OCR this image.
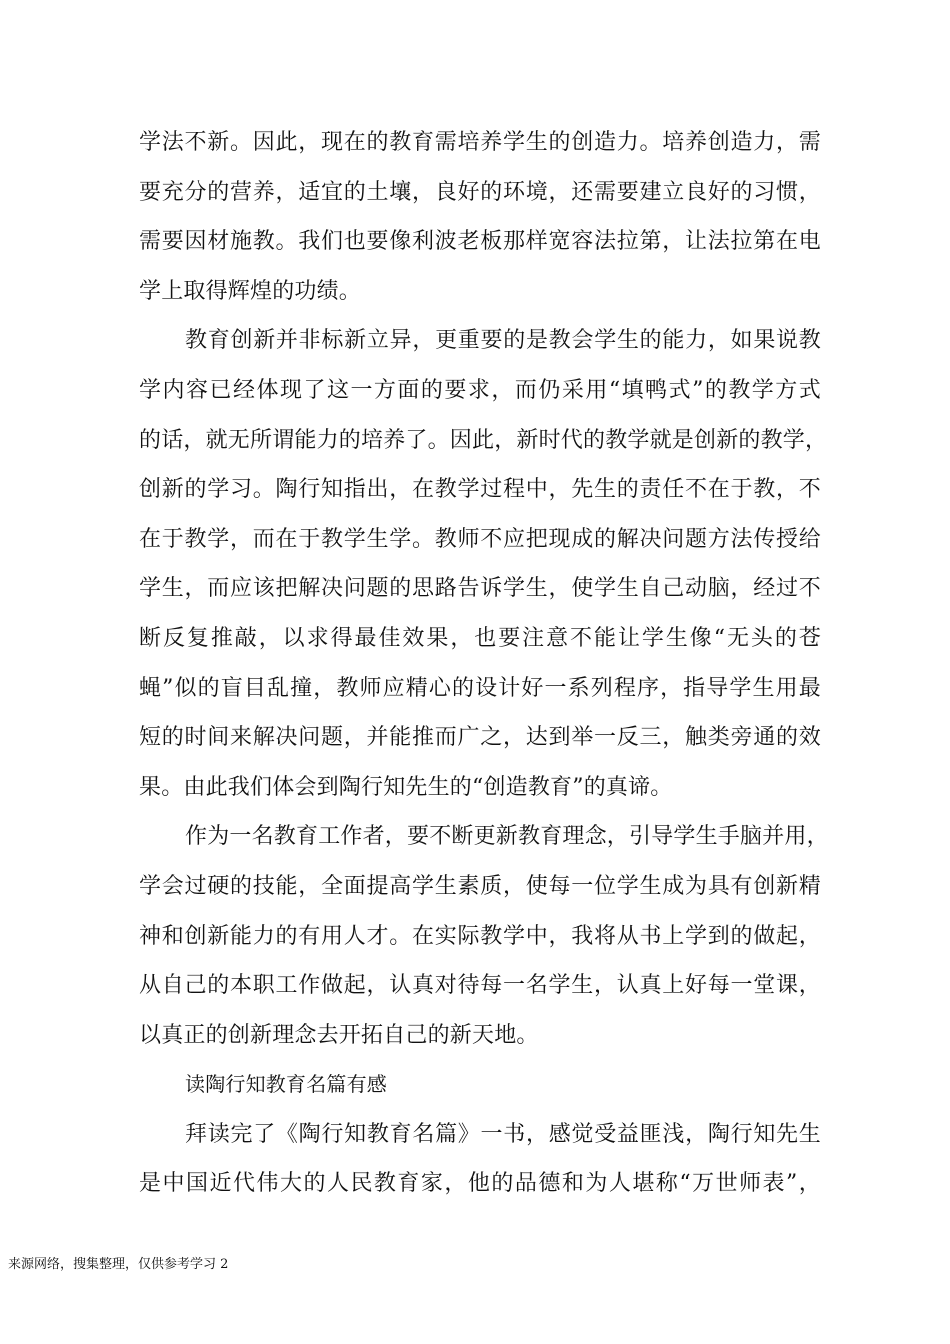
学法不新。因此，现在的教育需培养学生的创造力。培养创造力，需
要充分的营养，适宜的土壤，良好的环境，还需要建立良好的习惯，
需要因材施教。我们也要像利波老板那样宽容法拉第，让法拉第在电
学上取得辉煌的功绩。
教育创新并非标新立异，更重要的是教会学生的能力，如果说教
学内容已经体现了这一方面的要求，而仍采用“填鸭式”的教学方式
的话，就无所谓能力的培养了。因此，新时代的教学就是创新的教学，
创新的学习。陶行知指出，在教学过程中，先生的责任不在于教，不
在于教学，而在于教学生学。教师不应把现成的解决问题方法传授给
学生，而应该把解决问题的思路告诉学生，使学生自己动脑，经过不
断反复推敲，以求得最佳效果，也要注意不能让学生像“无头的苍
蝇”似的盲目乱撞，教师应精心的设计好一系列程序，指导学生用最
短的时间来解决问题，并能推而广之，达到举一反三，触类旁通的效
果。由此我们体会到陶行知先生的“创造教育”的真谛。
作为一名教育工作者，要不断更新教育理念，引导学生手脑并用，
学会过硬的技能，全面提高学生素质，使每一位学生成为具有创新精
神和创新能力的有用人才。在实际教学中，我将从书上学到的做起，
从自己的本职工作做起，认真对待每一名学生，认真上好每一堂课，
以真正的创新理念去开拓自己的新天地。
读陶行知教育名篇有感
拜读完了《陶行知教育名篇》一书，感觉受益匪浅，陶行知先生
是中国近代伟大的人民教育家，他的品德和为人堪称“万世师表”，
来源网络，搜集整理，仅供参考学习 2
